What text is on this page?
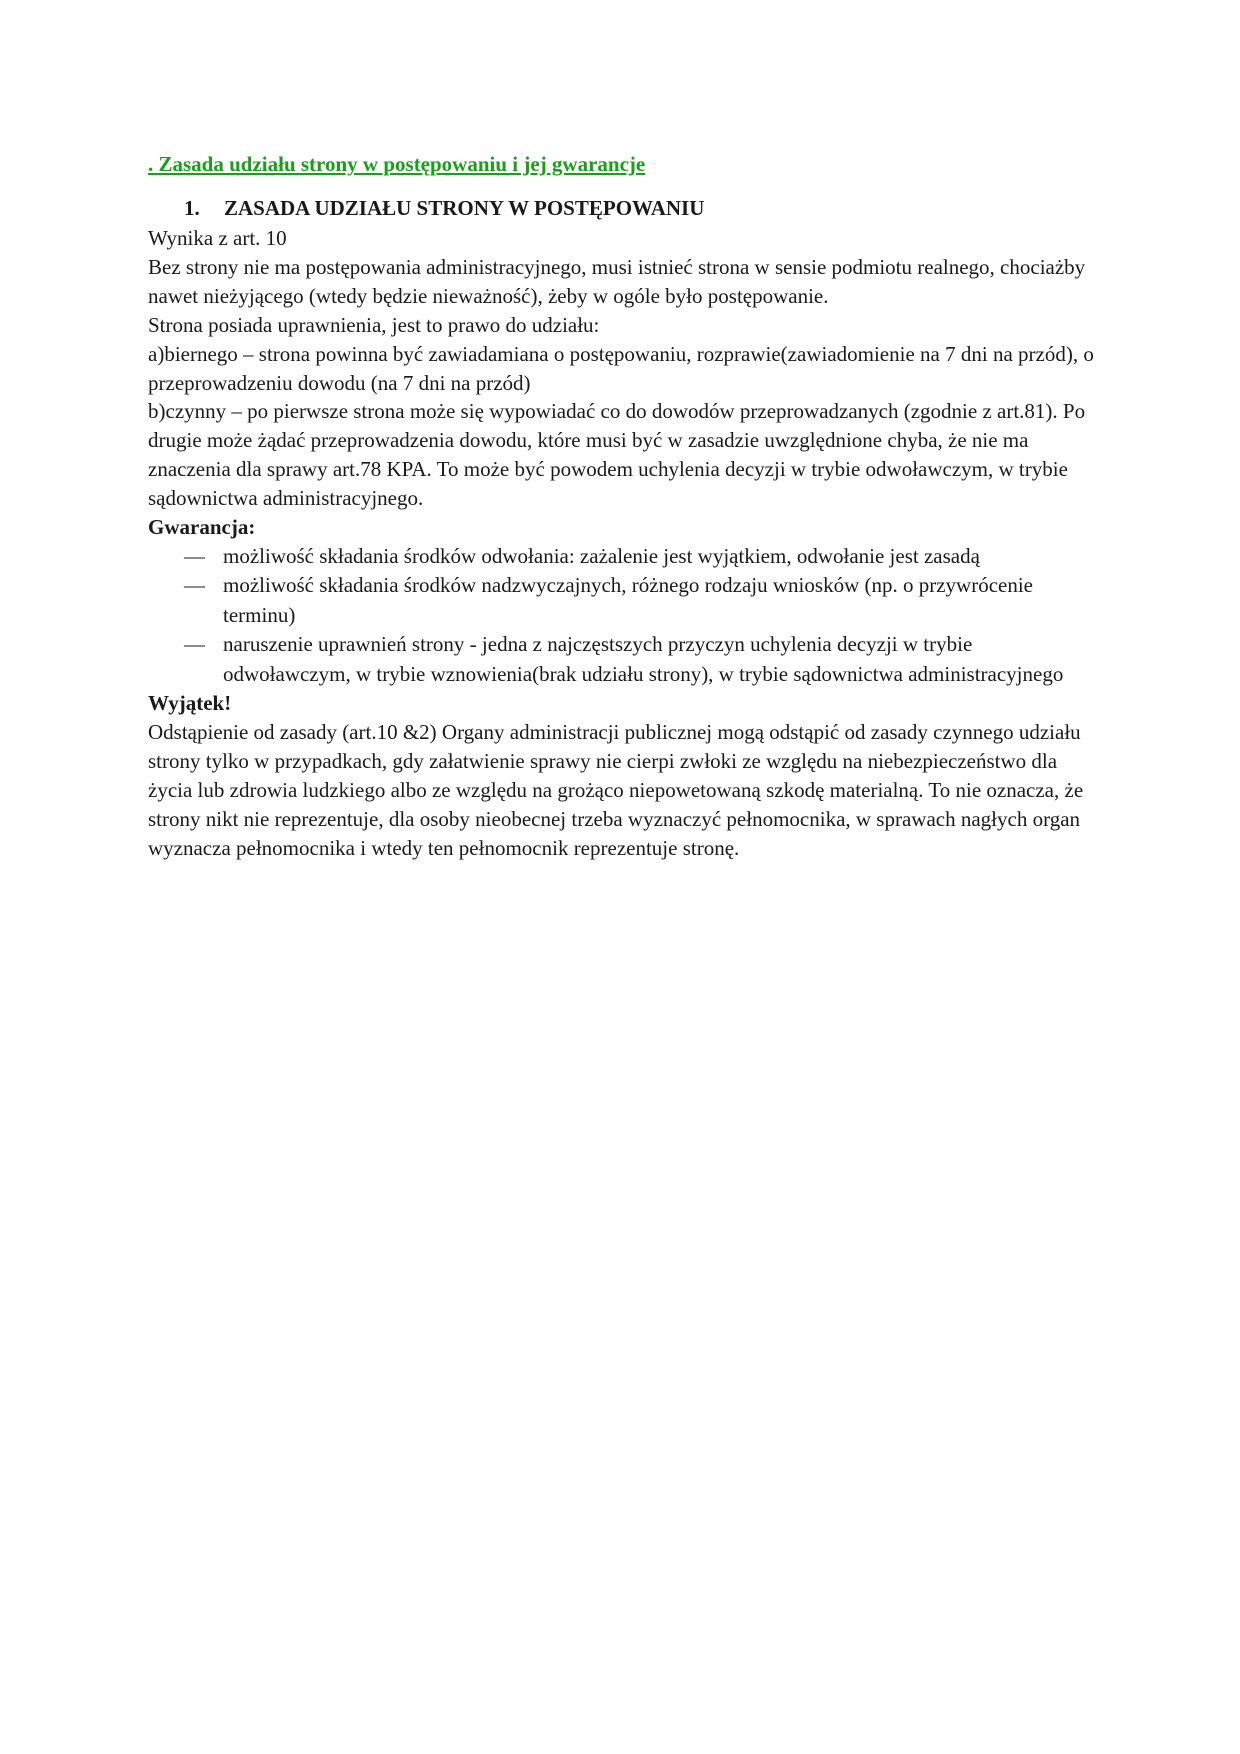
. Zasada udziału strony w postępowaniu i jej gwarancje
1. ZASADA UDZIAŁU STRONY W POSTĘPOWANIU

Wynika z art. 10

Bez strony nie ma postępowania administracyjnego, musi istnieć strona w sensie podmiotu realnego, chociażby nawet nieżyjącego (wtedy będzie nieważność), żeby w ogóle było postępowanie.

Strona posiada uprawnienia, jest to prawo do udziału:

a)biernego – strona powinna być zawiadamiana o postępowaniu, rozprawie(zawiadomienie na 7 dni na przód), o przeprowadzeniu dowodu (na 7 dni na przód)

b)czynny – po pierwsze strona może się wypowiadać co do dowodów przeprowadzanych (zgodnie z art.81). Po drugie może żądać przeprowadzenia dowodu, które musi być w zasadzie uwzględnione chyba, że nie ma znaczenia dla sprawy art.78 KPA. To może być powodem uchylenia decyzji w trybie odwoławczym, w trybie sądownictwa administracyjnego.

Gwarancja:

— możliwość składania środków odwołania: zażalenie jest wyjątkiem, odwołanie jest zasadą
— możliwość składania środków nadzwyczajnych, różnego rodzaju wniosków (np. o przywrócenie terminu)
— naruszenie uprawnień strony - jedna z najczęstszych przyczyn uchylenia decyzji w trybie odwoławczym, w trybie wznowienia(brak udziału strony), w trybie sądownictwa administracyjnego

Wyjątek!

Odstąpienie od zasady (art.10 &2) Organy administracji publicznej mogą odstąpić od zasady czynnego udziału strony tylko w przypadkach, gdy załatwienie sprawy nie cierpi zwłoki ze względu na niebezpieczeństwo dla życia lub zdrowia ludzkiego albo ze względu na grożąco niepowetowaną szkodę materialną. To nie oznacza, że strony nikt nie reprezentuje, dla osoby nieobecnej trzeba wyznaczyć pełnomocnika, w sprawach nagłych organ wyznacza pełnomocnika i wtedy ten pełnomocnik reprezentuje stronę.
